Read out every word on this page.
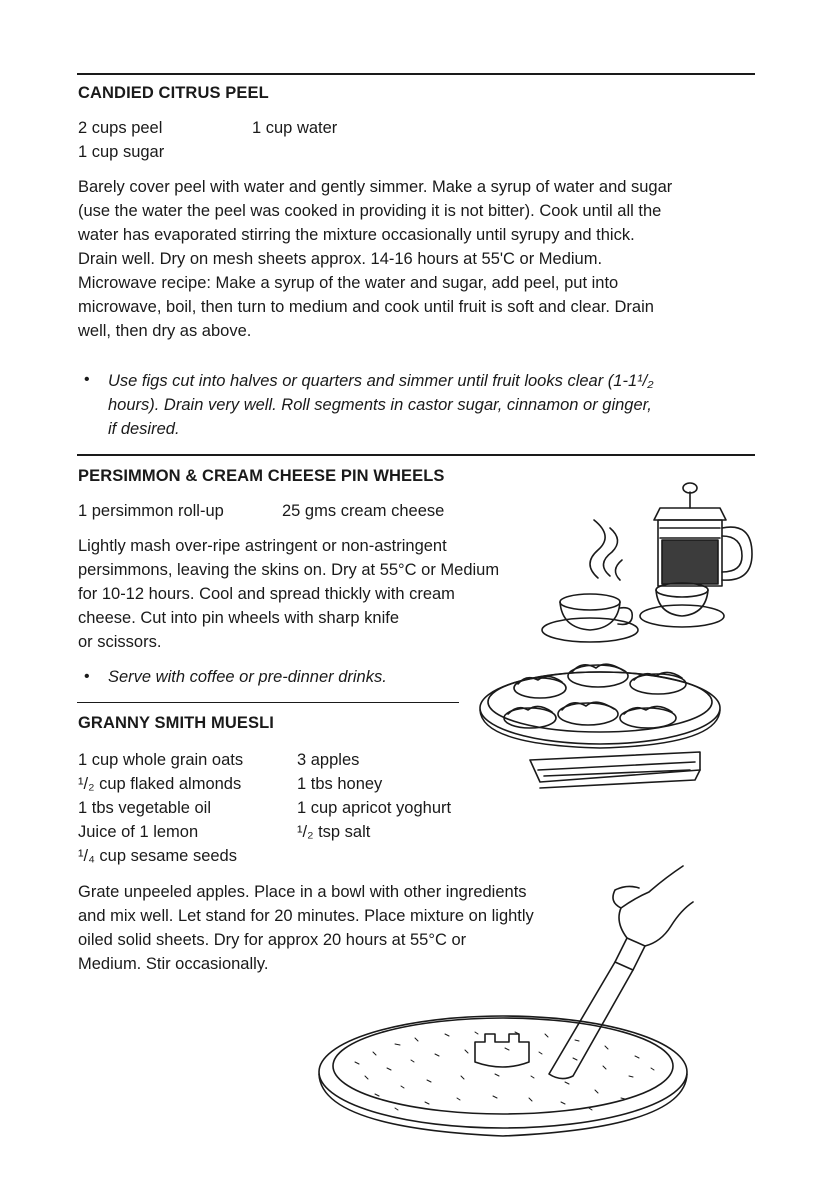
CANDIED CITRUS PEEL
2 cups peel	1 cup water
1 cup sugar
Barely cover peel with water and gently simmer. Make a syrup of water and sugar
(use the water the peel was cooked in providing it is not bitter). Cook until all the
water has evaporated stirring the mixture occasionally until syrupy and thick.
Drain well. Dry on mesh sheets approx. 14-16 hours at 55'C or Medium.
Microwave recipe: Make a syrup of the water and sugar, add peel, put into
microwave, boil, then turn to medium and cook until fruit is soft and clear. Drain
well, then dry as above.
• Use figs cut into halves or quarters and simmer until fruit looks clear (1-1¹/₂
hours). Drain very well. Roll segments in castor sugar, cinnamon or ginger,
if desired.
PERSIMMON & CREAM CHEESE PIN WHEELS
1 persimmon roll-up	25 gms cream cheese
Lightly mash over-ripe astringent or non-astringent
persimmons, leaving the skins on. Dry at 55°C or Medium
for 10-12 hours. Cool and spread thickly with cream
cheese. Cut into pin wheels with sharp knife
or scissors.
• Serve with coffee or pre-dinner drinks.
GRANNY SMITH MUESLI
1 cup whole grain oats
¹/₂ cup flaked almonds
1 tbs vegetable oil
Juice of 1 lemon
¹/₄ cup sesame seeds
3 apples
1 tbs honey
1 cup apricot yoghurt
¹/₂ tsp salt
Grate unpeeled apples. Place in a bowl with other ingredients
and mix well. Let stand for 20 minutes. Place mixture on lightly
oiled solid sheets. Dry for approx 20 hours at 55°C or
Medium. Stir occasionally.
